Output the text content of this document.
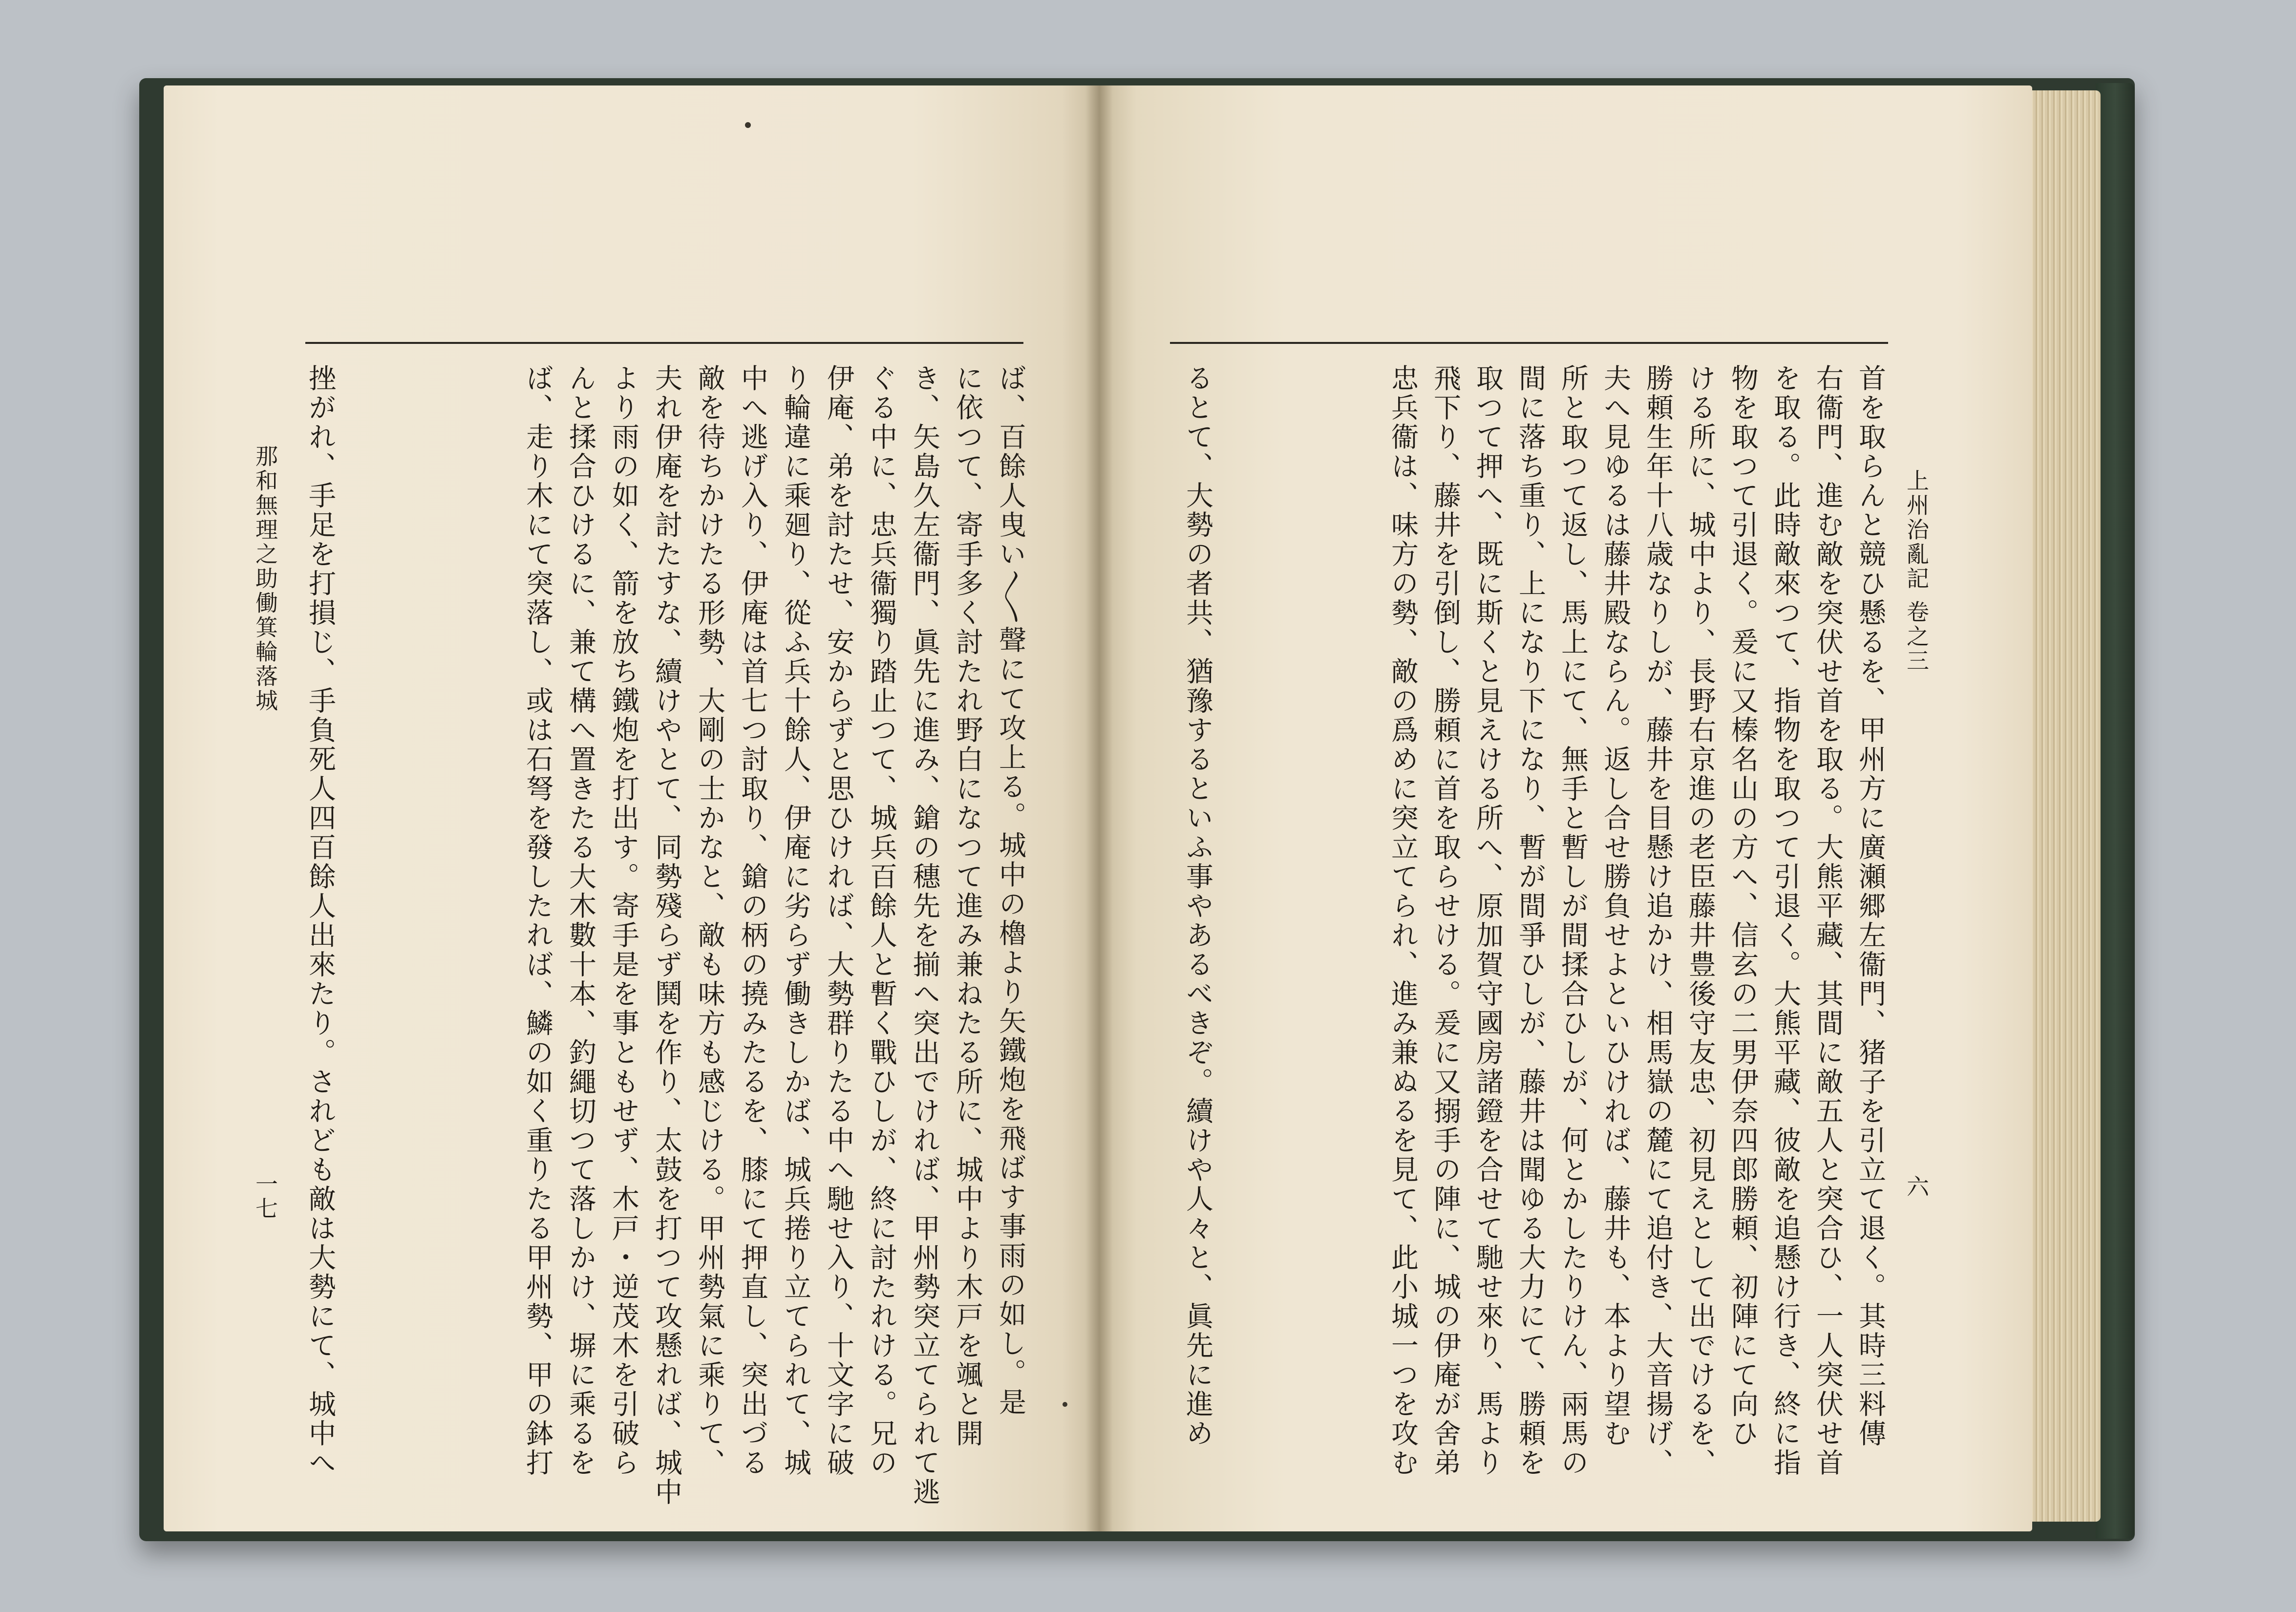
上州治亂記 卷之三
六
首を取らんと競ひ懸るを、甲州方に廣瀬郷左衞門、猪子を引立て退く。其時三料傳
右衞門、進む敵を突伏せ首を取る。大熊平藏、其間に敵五人と突合ひ、一人突伏せ首
を取る。此時敵來つて、指物を取つて引退く。大熊平藏、彼敵を追懸け行き、終に指
物を取つて引退く。爰に又榛名山の方へ、信玄の二男伊奈四郎勝頼、初陣にて向ひ
ける所に、城中より、長野右京進の老臣藤井豊後守友忠、初見えとして出でけるを、
勝頼生年十八歳なりしが、藤井を目懸け追かけ、相馬嶽の麓にて追付き、大音揚げ、
夫へ見ゆるは藤井殿ならん。返し合せ勝負せよといひければ、藤井も、本より望む
所と取つて返し、馬上にて、無手と暫しが間揉合ひしが、何とかしたりけん、兩馬の
間に落ち重り、上になり下になり、暫が間爭ひしが、藤井は聞ゆる大力にて、勝頼を
取つて押へ、既に斯くと見えける所へ、原加賀守國房諸鐙を合せて馳せ來り、馬より
飛下り、藤井を引倒し、勝頼に首を取らせける。爰に又搦手の陣に、城の伊庵が舍弟
忠兵衞は、味方の勢、敵の爲めに突立てられ、進み兼ぬるを見て、此小城一つを攻む
るとて、大勢の者共、猶豫するといふ事やあるべきぞ。續けや人々と、眞先に進め
ば、百餘人曳い〳〵聲にて攻上る。城中の櫓より矢鐵炮を飛ばす事雨の如し。是
に依つて、寄手多く討たれ野白になつて進み兼ねたる所に、城中より木戸を颯と開
き、矢島久左衞門、眞先に進み、鎗の穗先を揃へ突出でければ、甲州勢突立てられて逃
ぐる中に、忠兵衞獨り踏止つて、城兵百餘人と暫く戰ひしが、終に討たれける。兄の
伊庵、弟を討たせ、安からずと思ひければ、大勢群りたる中へ馳せ入り、十文字に破
り輪違に乘廻り、從ふ兵十餘人、伊庵に劣らず働きしかば、城兵捲り立てられて、城
中へ逃げ入り、伊庵は首七つ討取り、鎗の柄の撓みたるを、膝にて押直し、突出づる
敵を待ちかけたる形勢、大剛の士かなと、敵も味方も感じける。甲州勢氣に乘りて、
夫れ伊庵を討たすな、續けやとて、同勢殘らず鬨を作り、太鼓を打つて攻懸れば、城中
より雨の如く、箭を放ち鐵炮を打出す。寄手是を事ともせず、木戸・逆茂木を引破ら
んと揉合ひけるに、兼て構へ置きたる大木數十本、釣繩切つて落しかけ、塀に乘るを
ば、走り木にて突落し、或は石弩を發したれば、鱗の如く重りたる甲州勢、甲の鉢打
挫がれ、手足を打損じ、手負死人四百餘人出來たり。されども敵は大勢にて、城中へ
那和無理之助働箕輪落城
一七
